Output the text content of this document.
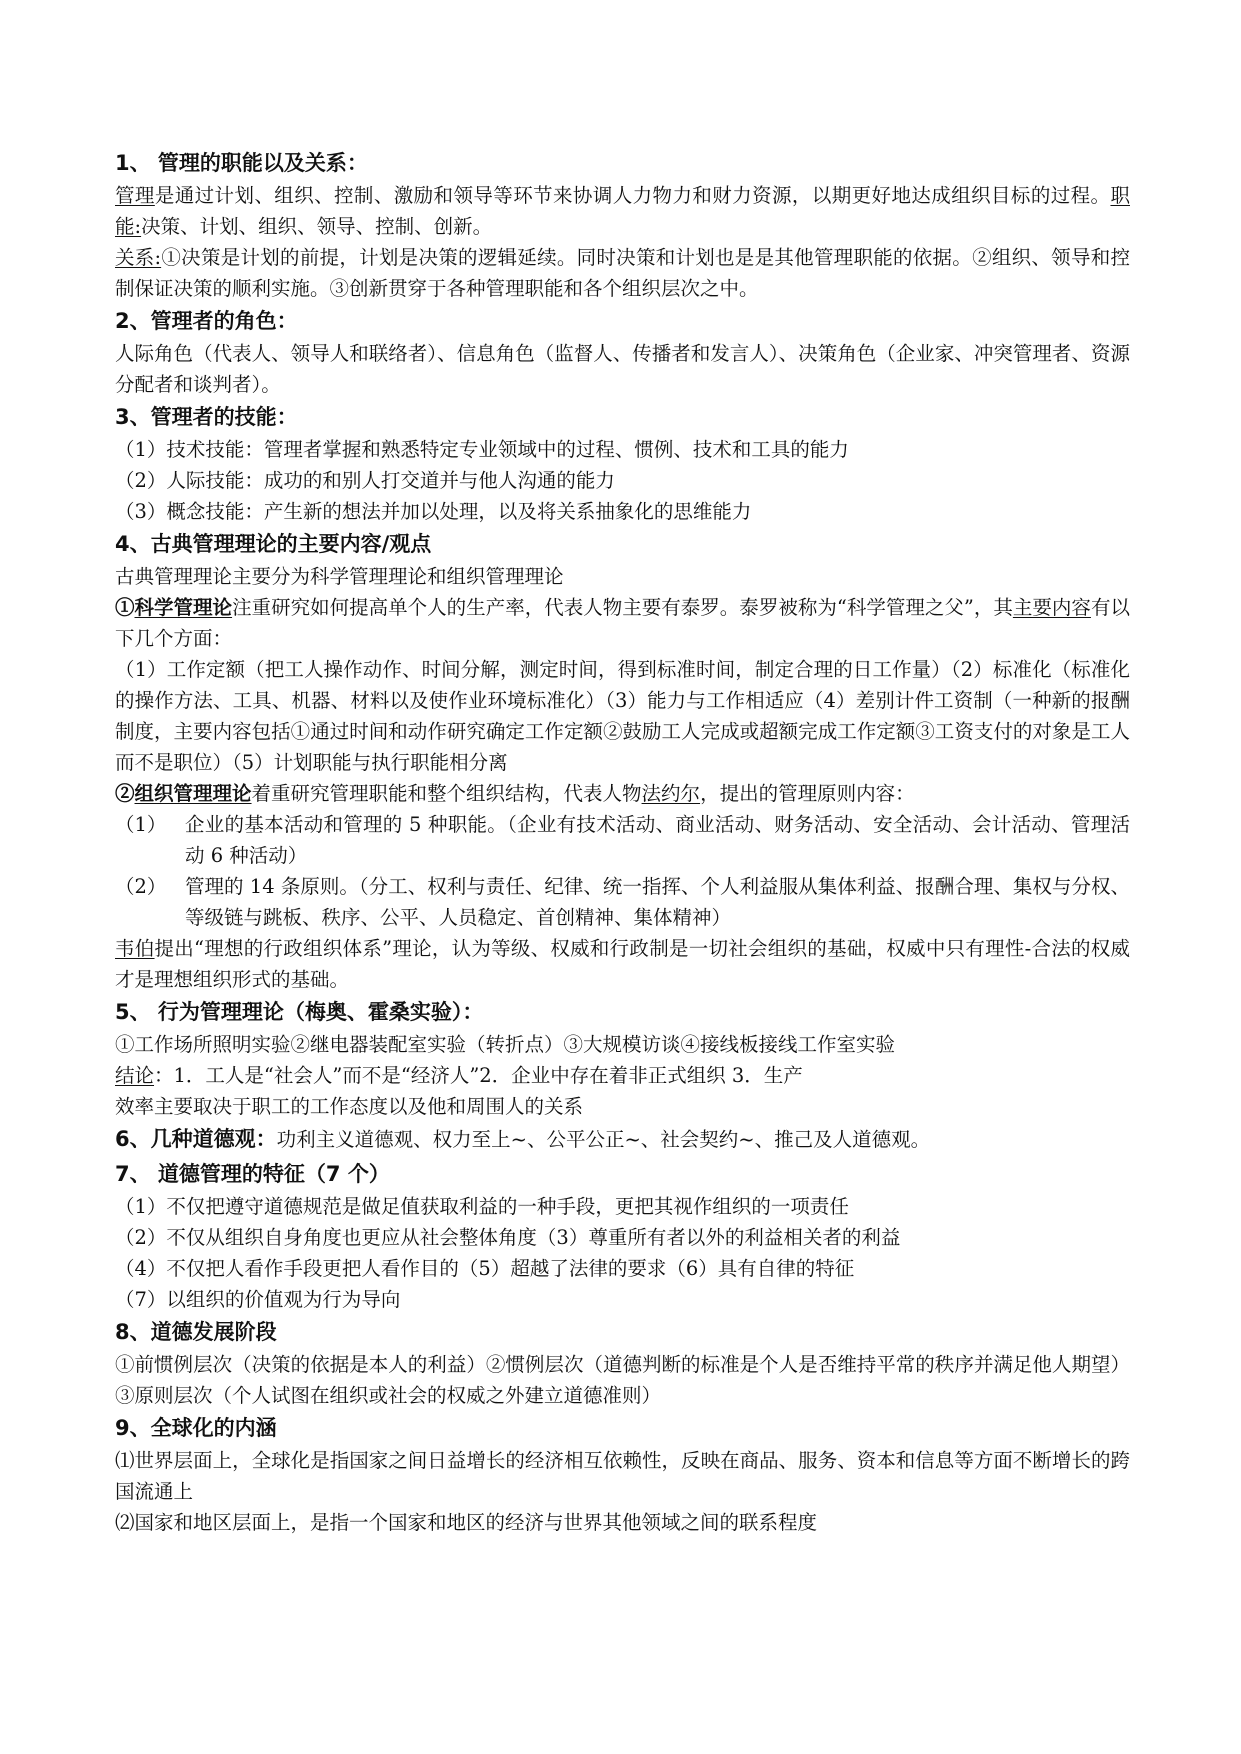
1、 管理的职能以及关系：

管理是通过计划、组织、控制、激励和领导等环节来协调人力物力和财力资源，以期更好地达成组织目标的过程。职能:决策、计划、组织、领导、控制、创新。

关系:①决策是计划的前提，计划是决策的逻辑延续。同时决策和计划也是是其他管理职能的依据。②组织、领导和控制保证决策的顺利实施。③创新贯穿于各种管理职能和各个组织层次之中。

2、管理者的角色：

人际角色（代表人、领导人和联络者）、信息角色（监督人、传播者和发言人）、决策角色（企业家、冲突管理者、资源分配者和谈判者）。

3、管理者的技能：

（1）技术技能：管理者掌握和熟悉特定专业领域中的过程、惯例、技术和工具的能力

（2）人际技能：成功的和别人打交道并与他人沟通的能力

（3）概念技能：产生新的想法并加以处理，以及将关系抽象化的思维能力

4、古典管理理论的主要内容/观点

古典管理理论主要分为科学管理理论和组织管理理论

①科学管理论注重研究如何提高单个人的生产率，代表人物主要有泰罗。泰罗被称为“科学管理之父”，其主要内容有以下几个方面：

（1）工作定额（把工人操作动作、时间分解，测定时间，得到标准时间，制定合理的日工作量）（2）标准化（标准化的操作方法、工具、机器、材料以及使作业环境标准化）（3）能力与工作相适应（4）差别计件工资制（一种新的报酬制度，主要内容包括①通过时间和动作研究确定工作定额②鼓励工人完成或超额完成工作定额③工资支付的对象是工人而不是职位）（5）计划职能与执行职能相分离

②组织管理理论着重研究管理职能和整个组织结构，代表人物法约尔，提出的管理原则内容：

（1） 企业的基本活动和管理的 5 种职能。（企业有技术活动、商业活动、财务活动、安全活动、会计活动、管理活动 6 种活动）
（2） 管理的 14 条原则。（分工、权利与责任、纪律、统一指挥、个人利益服从集体利益、报酬合理、集权与分权、等级链与跳板、秩序、公平、人员稳定、首创精神、集体精神）

韦伯提出“理想的行政组织体系”理论，认为等级、权威和行政制是一切社会组织的基础，权威中只有理性-合法的权威才是理想组织形式的基础。

5、 行为管理理论（梅奥、霍桑实验）：

①工作场所照明实验②继电器装配室实验（转折点）③大规模访谈④接线板接线工作室实验

结论：1．工人是“社会人”而不是“经济人”2．企业中存在着非正式组织 3．生产

效率主要取决于职工的工作态度以及他和周围人的关系

6、几种道德观：功利主义道德观、权力至上~、公平公正~、社会契约~、推己及人道德观。

7、 道德管理的特征（7 个）

（1）不仅把遵守道德规范是做足值获取利益的一种手段，更把其视作组织的一项责任

（2）不仅从组织自身角度也更应从社会整体角度（3）尊重所有者以外的利益相关者的利益

（4）不仅把人看作手段更把人看作目的（5）超越了法律的要求（6）具有自律的特征

（7）以组织的价值观为行为导向

8、道德发展阶段

①前惯例层次（决策的依据是本人的利益）②惯例层次（道德判断的标准是个人是否维持平常的秩序并满足他人期望）③原则层次（个人试图在组织或社会的权威之外建立道德准则）

9、全球化的内涵

⑴世界层面上，全球化是指国家之间日益增长的经济相互依赖性，反映在商品、服务、资本和信息等方面不断增长的跨国流通上

⑵国家和地区层面上，是指一个国家和地区的经济与世界其他领域之间的联系程度
